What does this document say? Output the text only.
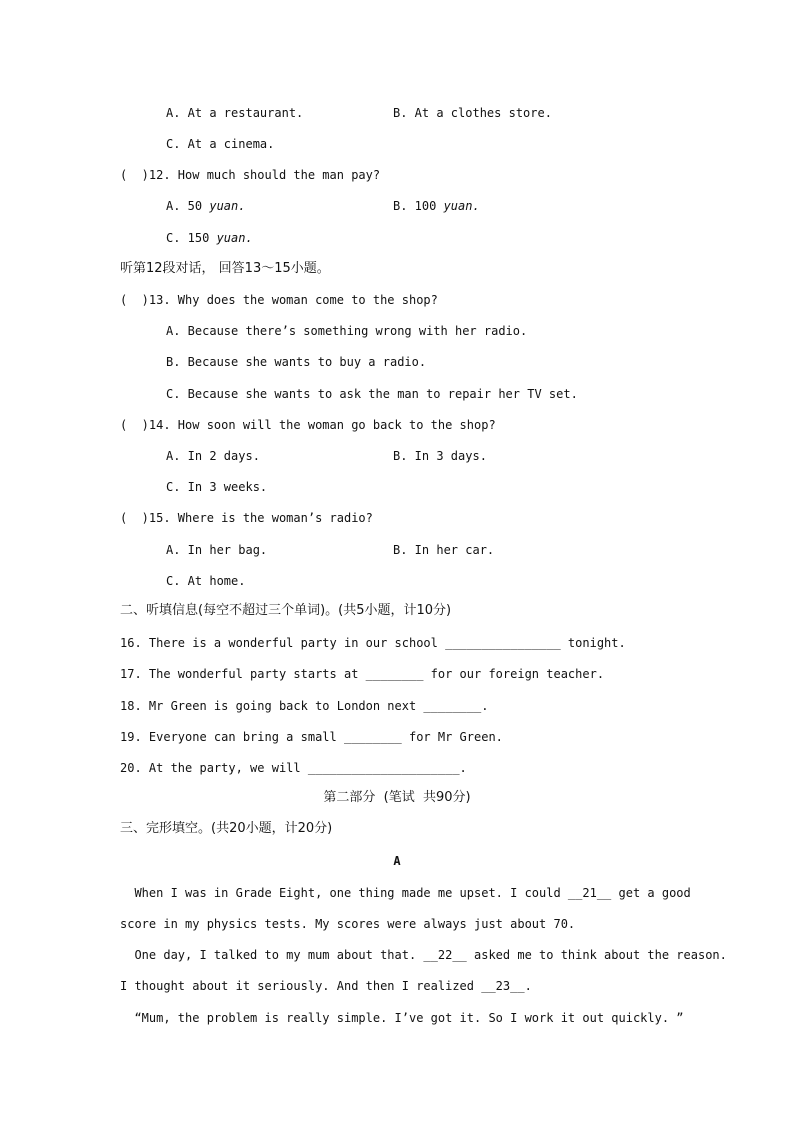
A. At a restaurant.	B. At a clothes store.
C. At a cinema.
(  )12. How much should the man pay?
A. 50 yuan.	B. 100 yuan.
C. 150 yuan.
听第12段对话， 回答13～15小题。
(  )13. Why does the woman come to the shop?
A. Because there’s something wrong with her radio.
B. Because she wants to buy a radio.
C. Because she wants to ask the man to repair her TV set.
(  )14. How soon will the woman go back to the shop?
A. In 2 days.	B. In 3 days.
C. In 3 weeks.
(  )15. Where is the woman’s radio?
A. In her bag.	B. In her car.
C. At home.
二、听填信息(每空不超过三个单词)。(共5小题，计10分)
16. There is a wonderful party in our school ________________ tonight.
17. The wonderful party starts at ________ for our foreign teacher.
18. Mr Green is going back to London next ________.
19. Everyone can bring a small ________ for Mr Green.
20. At the party, we will _____________________.
第二部分  (笔试  共90分)
三、完形填空。(共20小题，计20分)
A
When I was in Grade Eight, one thing made me upset. I could __21__ get a good
score in my physics tests. My scores were always just about 70.
One day, I talked to my mum about that. __22__ asked me to think about the reason.
I thought about it seriously. And then I realized __23__.
“Mum, the problem is really simple. I’ve got it. So I work it out quickly. ”
